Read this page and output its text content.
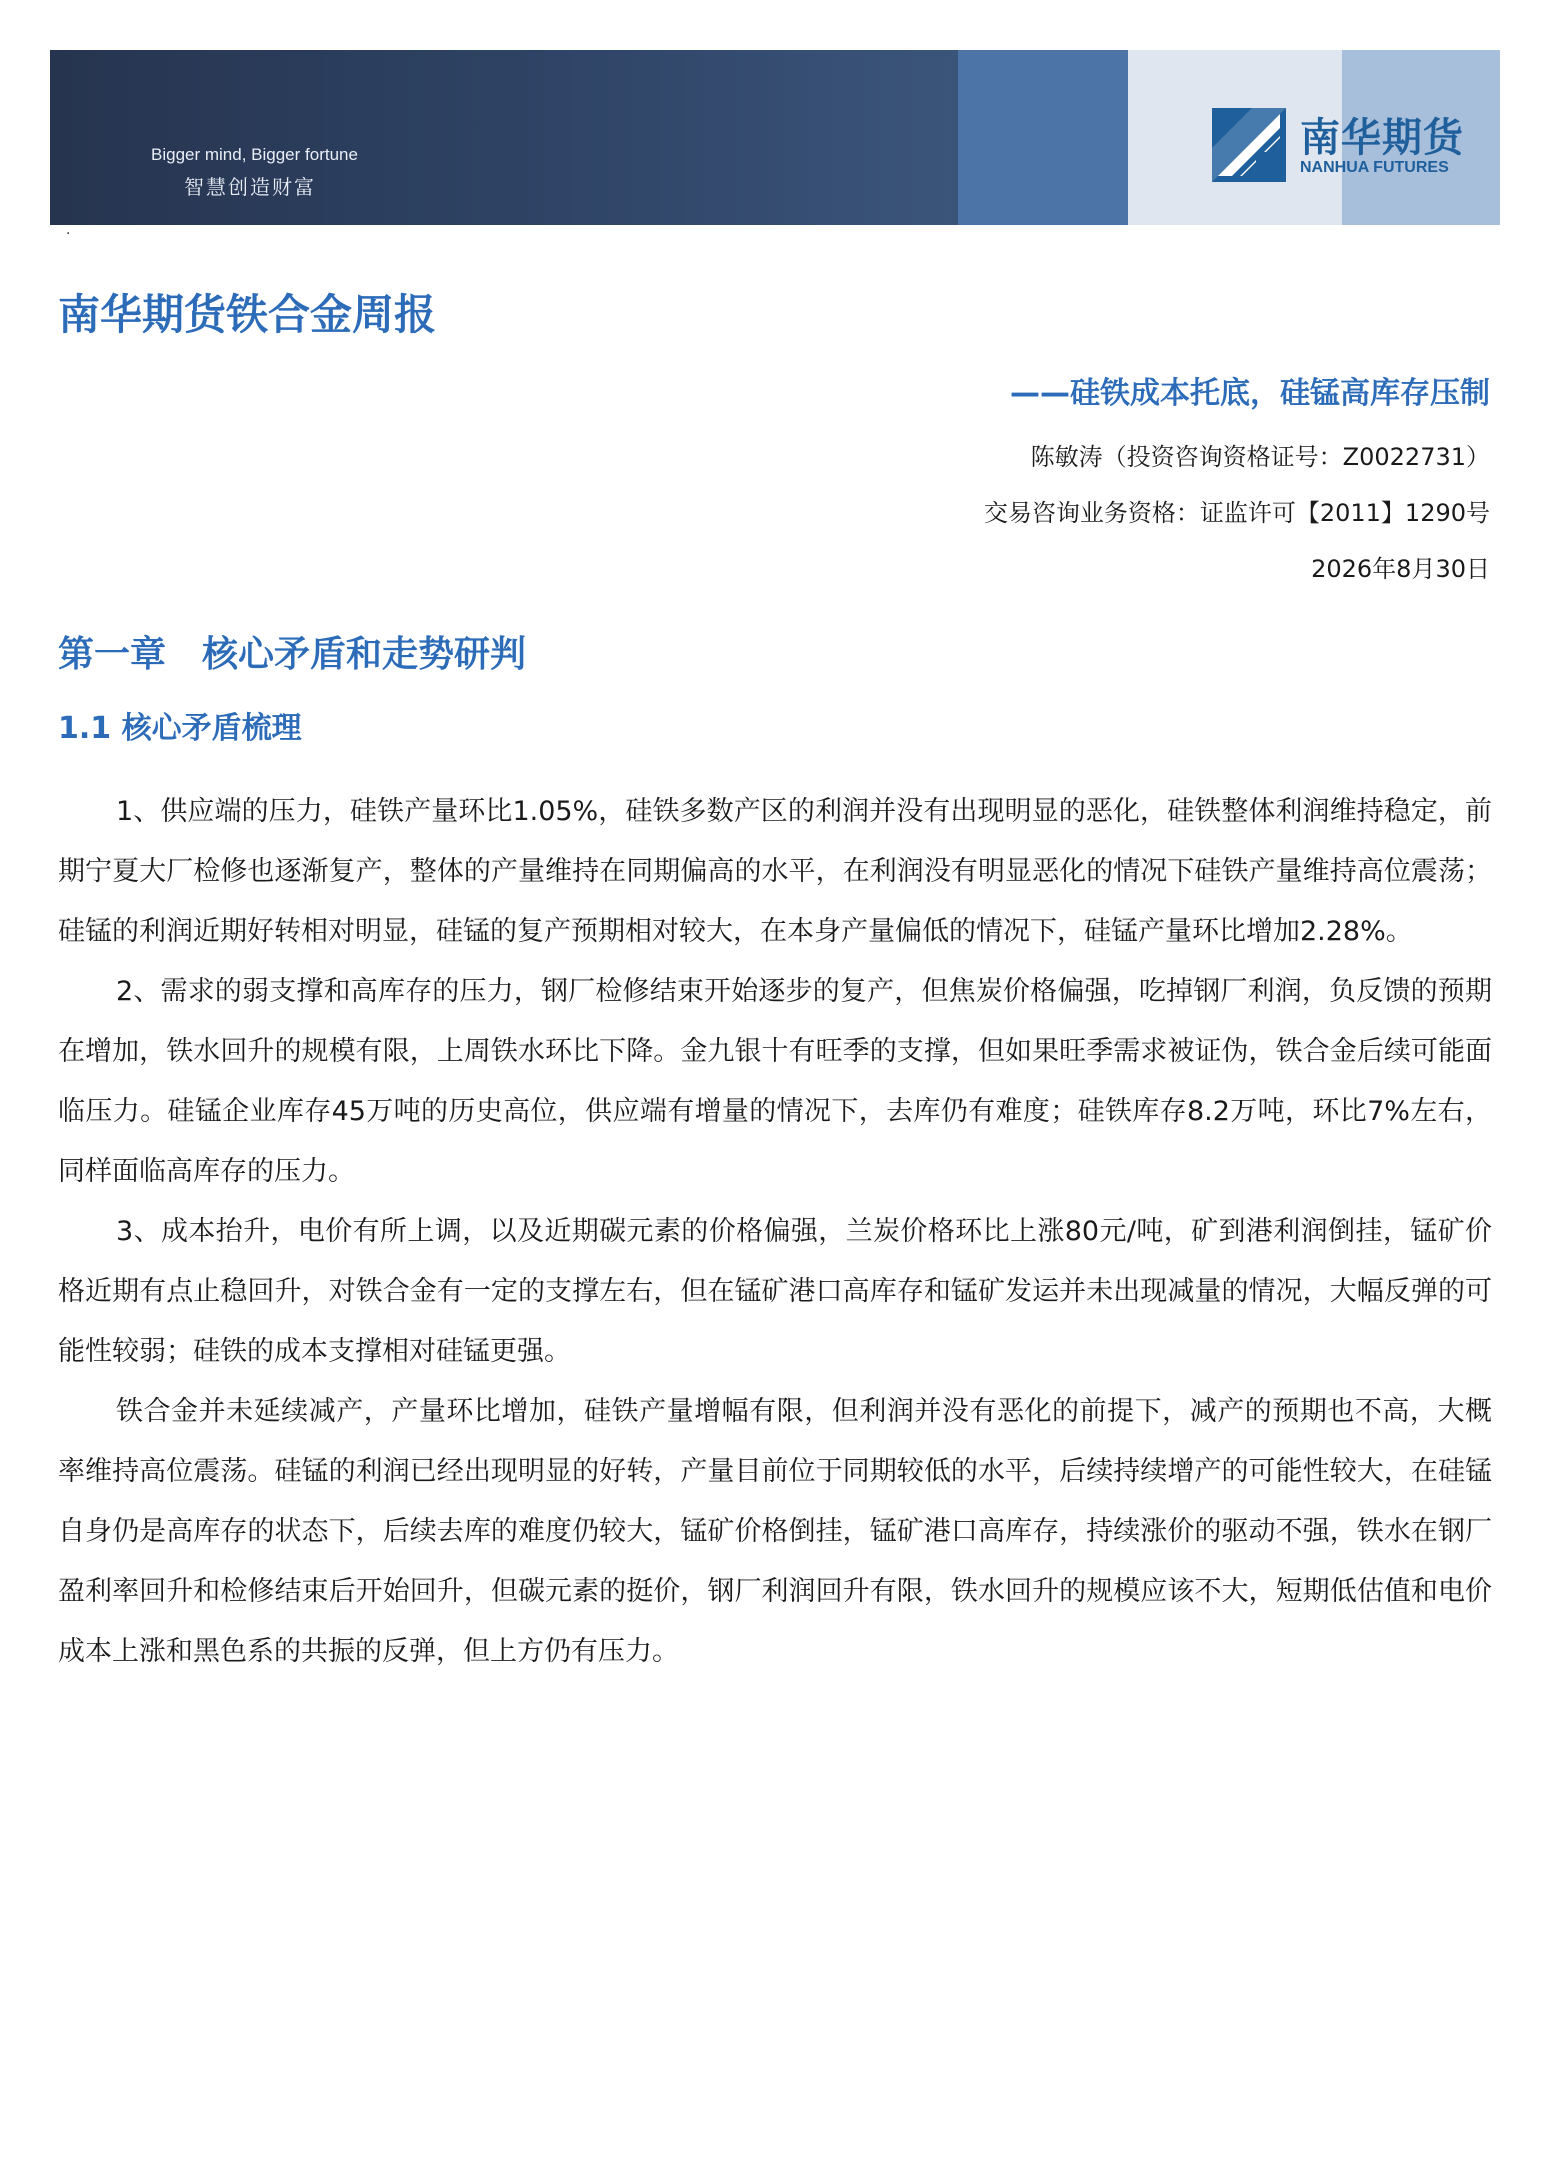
Bigger mind, Bigger fortune
智慧创造财富
南华期货
NANHUA FUTURES
·
南华期货铁合金周报
——硅铁成本托底，硅锰高库存压制
陈敏涛（投资咨询资格证号：Z0022731）
交易咨询业务资格：证监许可【2011】1290号
2026年8月30日
第一章　核心矛盾和走势研判
1.1 核心矛盾梳理

1、供应端的压力，硅铁产量环比1.05%，硅铁多数产区的利润并没有出现明显的恶化，硅铁整体利润维持稳定，前期宁夏大厂检修也逐渐复产，整体的产量维持在同期偏高的水平，在利润没有明显恶化的情况下硅铁产量维持高位震荡；硅锰的利润近期好转相对明显，硅锰的复产预期相对较大，在本身产量偏低的情况下，硅锰产量环比增加2.28%。

2、需求的弱支撑和高库存的压力，钢厂检修结束开始逐步的复产，但焦炭价格偏强，吃掉钢厂利润，负反馈的预期在增加，铁水回升的规模有限，上周铁水环比下降。金九银十有旺季的支撑，但如果旺季需求被证伪，铁合金后续可能面临压力。硅锰企业库存45万吨的历史高位，供应端有增量的情况下，去库仍有难度；硅铁库存8.2万吨，环比7%左右，同样面临高库存的压力。

3、成本抬升，电价有所上调，以及近期碳元素的价格偏强，兰炭价格环比上涨80元/吨，矿到港利润倒挂，锰矿价格近期有点止稳回升，对铁合金有一定的支撑左右，但在锰矿港口高库存和锰矿发运并未出现减量的情况，大幅反弹的可能性较弱；硅铁的成本支撑相对硅锰更强。

铁合金并未延续减产，产量环比增加，硅铁产量增幅有限，但利润并没有恶化的前提下，减产的预期也不高，大概率维持高位震荡。硅锰的利润已经出现明显的好转，产量目前位于同期较低的水平，后续持续增产的可能性较大，在硅锰自身仍是高库存的状态下，后续去库的难度仍较大，锰矿价格倒挂，锰矿港口高库存，持续涨价的驱动不强，铁水在钢厂盈利率回升和检修结束后开始回升，但碳元素的挺价，钢厂利润回升有限，铁水回升的规模应该不大，短期低估值和电价成本上涨和黑色系的共振的反弹，但上方仍有压力。
